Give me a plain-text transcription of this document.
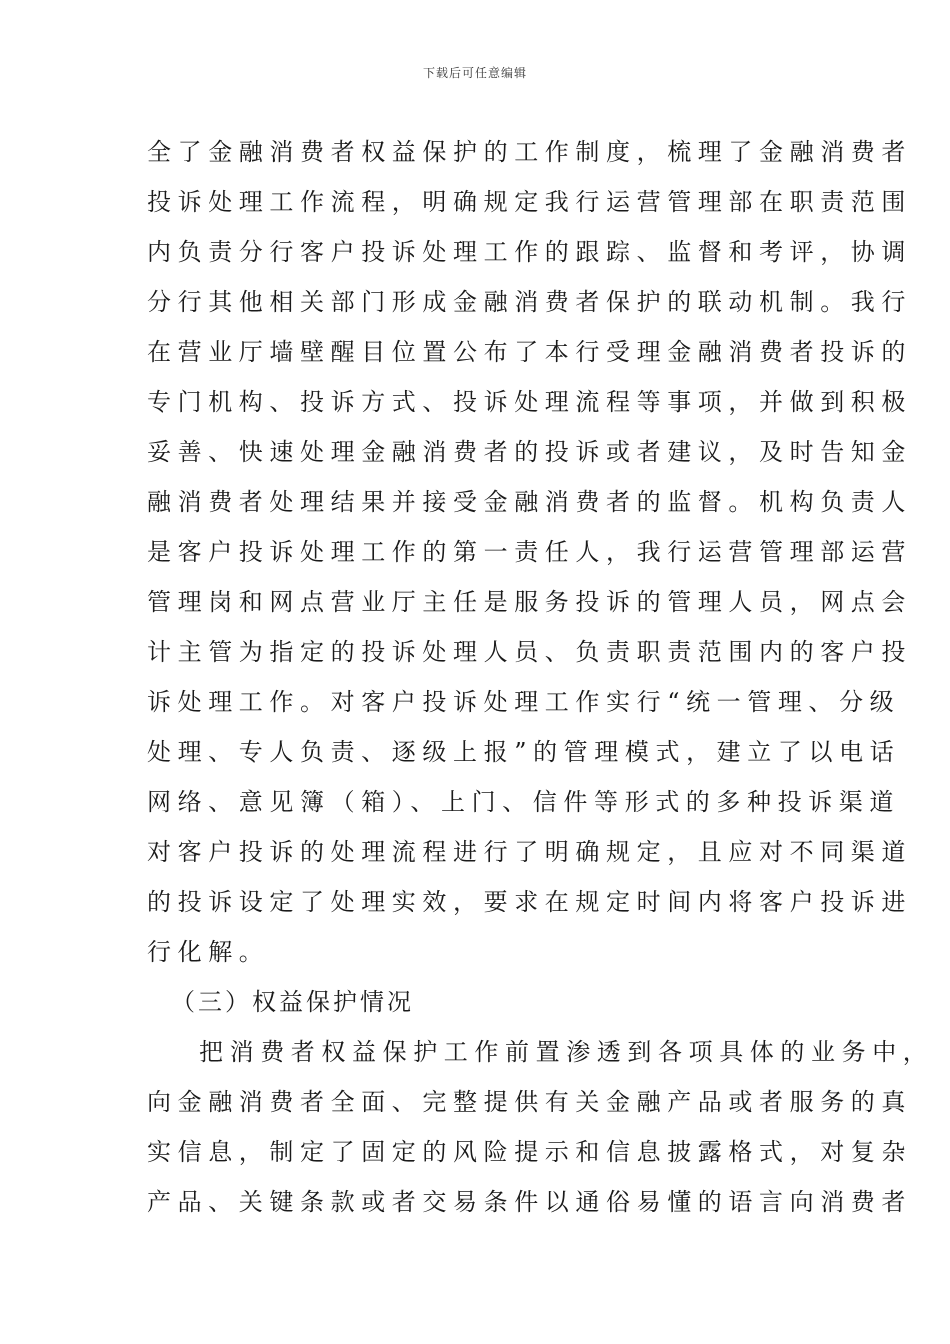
下载后可任意编辑
全了金融消费者权益保护的工作制度，梳理了金融消费者
投诉处理工作流程，明确规定我行运营管理部在职责范围
内负责分行客户投诉处理工作的跟踪、监督和考评，协调
分行其他相关部门形成金融消费者保护的联动机制。我行
在营业厅墙壁醒目位置公布了本行受理金融消费者投诉的
专门机构、投诉方式、投诉处理流程等事项，并做到积极
妥善、快速处理金融消费者的投诉或者建议，及时告知金
融消费者处理结果并接受金融消费者的监督。机构负责人
是客户投诉处理工作的第一责任人，我行运营管理部运营
管理岗和网点营业厅主任是服务投诉的管理人员，网点会
计主管为指定的投诉处理人员、负责职责范围内的客户投
诉处理工作。对客户投诉处理工作实行“统一管理、分级
处理、专人负责、逐级上报”的管理模式，建立了以电话
网络、意见簿（箱）、上门、信件等形式的多种投诉渠道
对客户投诉的处理流程进行了明确规定，且应对不同渠道
的投诉设定了处理实效，要求在规定时间内将客户投诉进
行化解。
（三）权益保护情况
把消费者权益保护工作前置渗透到各项具体的业务中，
向金融消费者全面、完整提供有关金融产品或者服务的真
实信息，制定了固定的风险提示和信息披露格式，对复杂
产品、关键条款或者交易条件以通俗易懂的语言向消费者
